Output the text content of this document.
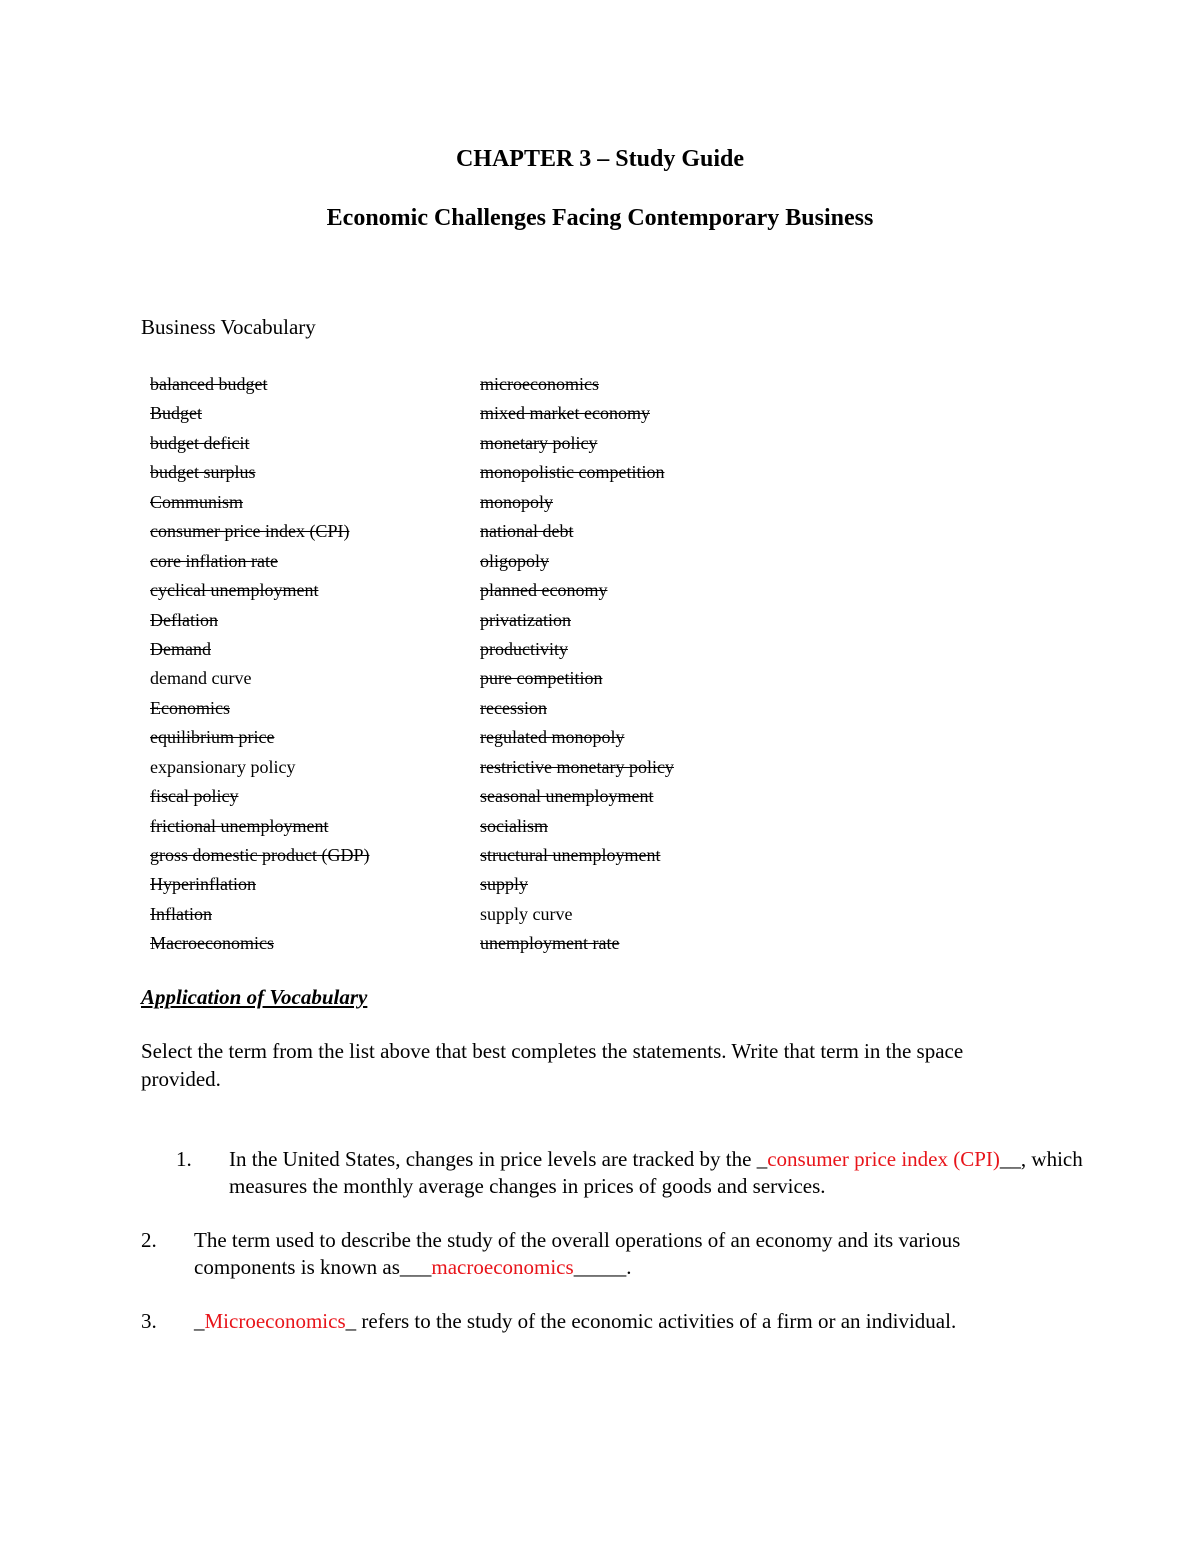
CHAPTER 3 – Study Guide
Economic Challenges Facing Contemporary Business
Business Vocabulary
balanced budget
Budget
budget deficit
budget surplus
Communism
consumer price index (CPI)
core inflation rate
cyclical unemployment
Deflation
Demand
demand curve
Economics
equilibrium price
expansionary policy
fiscal policy
frictional unemployment
gross domestic product (GDP)
Hyperinflation
Inflation
Macroeconomics
microeconomics
mixed market economy
monetary policy
monopolistic competition
monopoly
national debt
oligopoly
planned economy
privatization
productivity
pure competition
recession
regulated monopoly
restrictive monetary policy
seasonal unemployment
socialism
structural unemployment
supply
supply curve
unemployment rate
Application of Vocabulary
Select the term from the list above that best completes the statements. Write that term in the space provided.
1. In the United States, changes in price levels are tracked by the _consumer price index (CPI)__, which measures the monthly average changes in prices of goods and services.
2. The term used to describe the study of the overall operations of an economy and its various components is known as___macroeconomics_____.
3. _Microeconomics_ refers to the study of the economic activities of a firm or an individual.
